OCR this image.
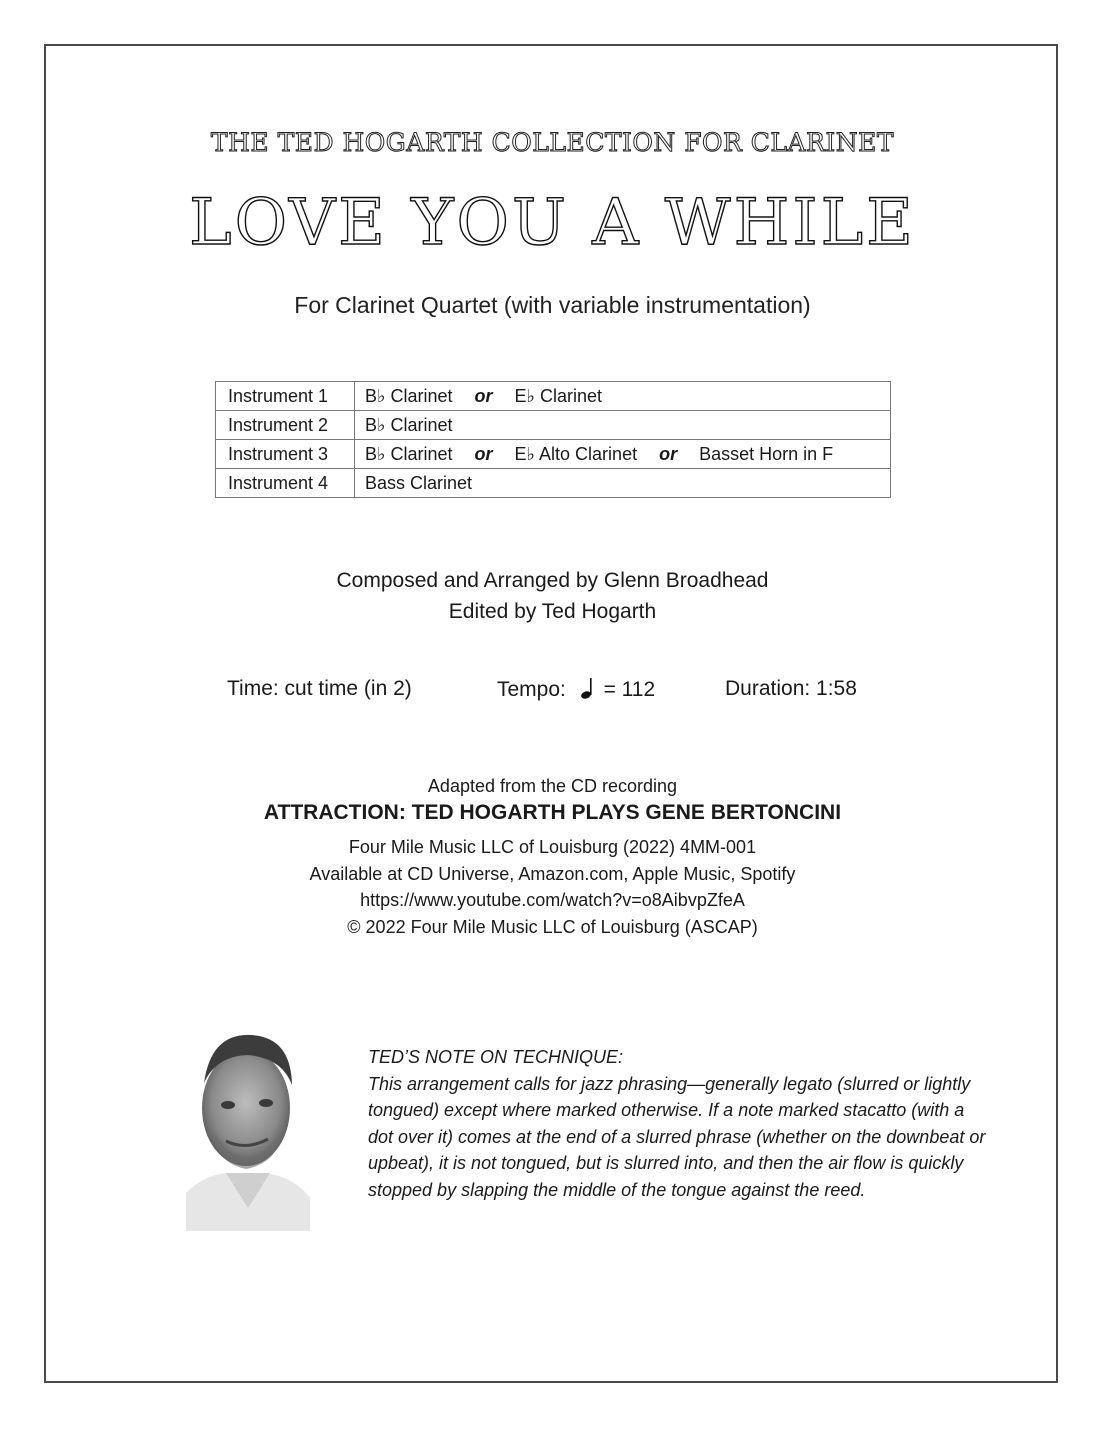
THE TED HOGARTH COLLECTION FOR CLARINET
LOVE YOU A WHILE
For Clarinet Quartet (with variable instrumentation)
Instrument 1	B♭ Clarinet or E♭ Clarinet
Instrument 2	B♭ Clarinet
Instrument 3	B♭ Clarinet or E♭ Alto Clarinet or Basset Horn in F
Instrument 4	Bass Clarinet
Composed and Arranged by Glenn Broadhead
Edited by Ted Hogarth
Time: cut time (in 2)	Tempo: = 112	Duration: 1:58
Adapted from the CD recording
ATTRACTION: TED HOGARTH PLAYS GENE BERTONCINI
Four Mile Music LLC of Louisburg (2022) 4MM-001
Available at CD Universe, Amazon.com, Apple Music, Spotify
https://www.youtube.com/watch?v=o8AibvpZfeA
© 2022 Four Mile Music LLC of Louisburg (ASCAP)

TED’S NOTE ON TECHNIQUE:

This arrangement calls for jazz phrasing—generally legato (slurred or lightly tongued) except where marked otherwise. If a note marked stacatto (with a dot over it) comes at the end of a slurred phrase (whether on the downbeat or upbeat), it is not tongued, but is slurred into, and then the air flow is quickly stopped by slapping the middle of the tongue against the reed.
